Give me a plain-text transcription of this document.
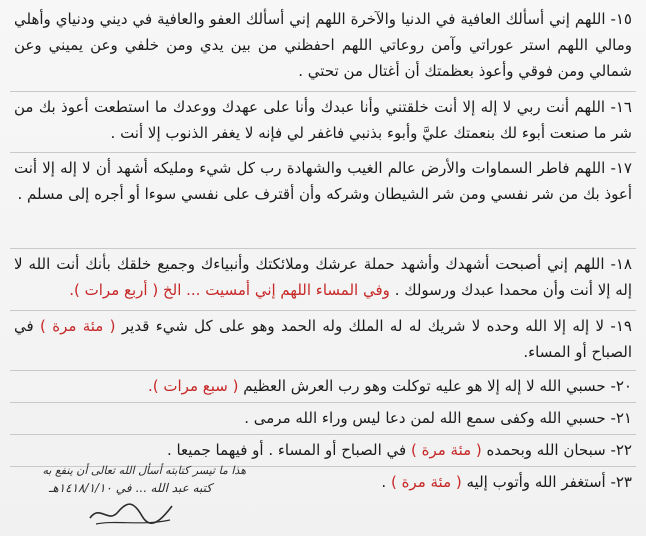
١٥- اللهم إني أسألك العافية في الدنيا والآخرة اللهم إني أسألك العفو والعافية في ديني ودنياي وأهلي ومالي اللهم استر عوراتي وآمن روعاتي اللهم احفظني من بين يدي ومن خلفي وعن يميني وعن شمالي ومن فوقي وأعوذ بعظمتك أن أغتال من تحتي .
١٦- اللهم أنت ربي لا إله إلا أنت خلقتني وأنا عبدك وأنا على عهدك ووعدك ما استطعت أعوذ بك من شر ما صنعت أبوء لك بنعمتك عليَّ وأبوء بذنبي فاغفر لي فإنه لا يغفر الذنوب إلا أنت .
١٧- اللهم فاطر السماوات والأرض عالم الغيب والشهادة رب كل شيء ومليكه أشهد أن لا إله إلا أنت أعوذ بك من شر نفسي ومن شر الشيطان وشركه وأن أقترف على نفسي سوءا أو أجره إلى مسلم .
١٨- اللهم إني أصبحت أشهدك وأشهد حملة عرشك وملائكتك وأنبياءك وجميع خلقك بأنك أنت الله لا إله إلا أنت وأن محمدا عبدك ورسولك . وفي المساء اللهم إني أمسيت ... الخ ( أربع مرات ).
١٩- لا إله إلا الله وحده لا شريك له له الملك وله الحمد وهو على كل شيء قدير ( مئة مرة ) في الصباح أو المساء.
٢٠- حسبي الله لا إله إلا هو عليه توكلت وهو رب العرش العظيم ( سبع مرات ).
٢١- حسبي الله وكفى سمع الله لمن دعا ليس وراء الله مرمى .
٢٢- سبحان الله وبحمده ( مئة مرة ) في الصباح أو المساء . أو فيهما جميعا .
٢٣- أستغفر الله وأتوب إليه ( مئة مرة ) .
هذا ما تيسر كتابته أسأل الله تعالى أن ينفع به
كتبه عبد الله ... في ١٤١٨/١/١٠هـ
